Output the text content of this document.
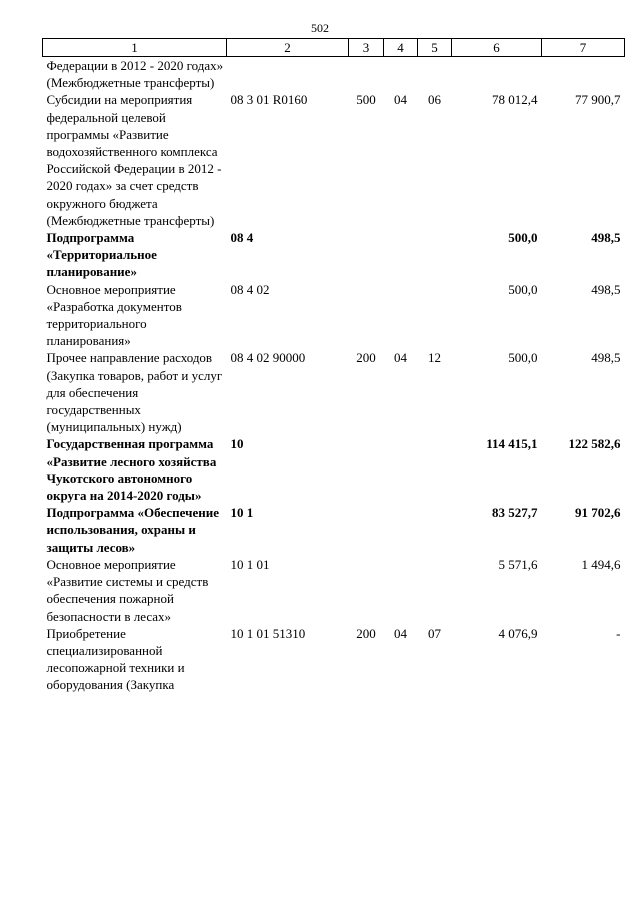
502
1	2	3	4	5	6	7
Федерации в 2012 - 2020 годах» (Межбюджетные трансферты)						
Субсидии на мероприятия федеральной целевой программы «Развитие водохозяйственного комплекса Российской Федерации в 2012 - 2020 годах» за счет средств окружного бюджета (Межбюджетные трансферты)	08 3 01 R0160	500	04	06	78 012,4	77 900,7
Подпрограмма «Территориальное планирование»	08 4				500,0	498,5
Основное мероприятие «Разработка документов территориального планирования»	08 4 02				500,0	498,5
Прочее направление расходов (Закупка товаров, работ и услуг для обеспечения государственных (муниципальных) нужд)	08 4 02 90000	200	04	12	500,0	498,5
Государственная программа «Развитие лесного хозяйства Чукотского автономного округа на 2014-2020 годы»	10				114 415,1	122 582,6
Подпрограмма «Обеспечение использования, охраны и защиты лесов»	10 1				83 527,7	91 702,6
Основное мероприятие «Развитие системы и средств обеспечения пожарной безопасности в лесах»	10 1 01				5 571,6	1 494,6
Приобретение специализированной лесопожарной техники и оборудования (Закупка	10 1 01 51310	200	04	07	4 076,9	-
